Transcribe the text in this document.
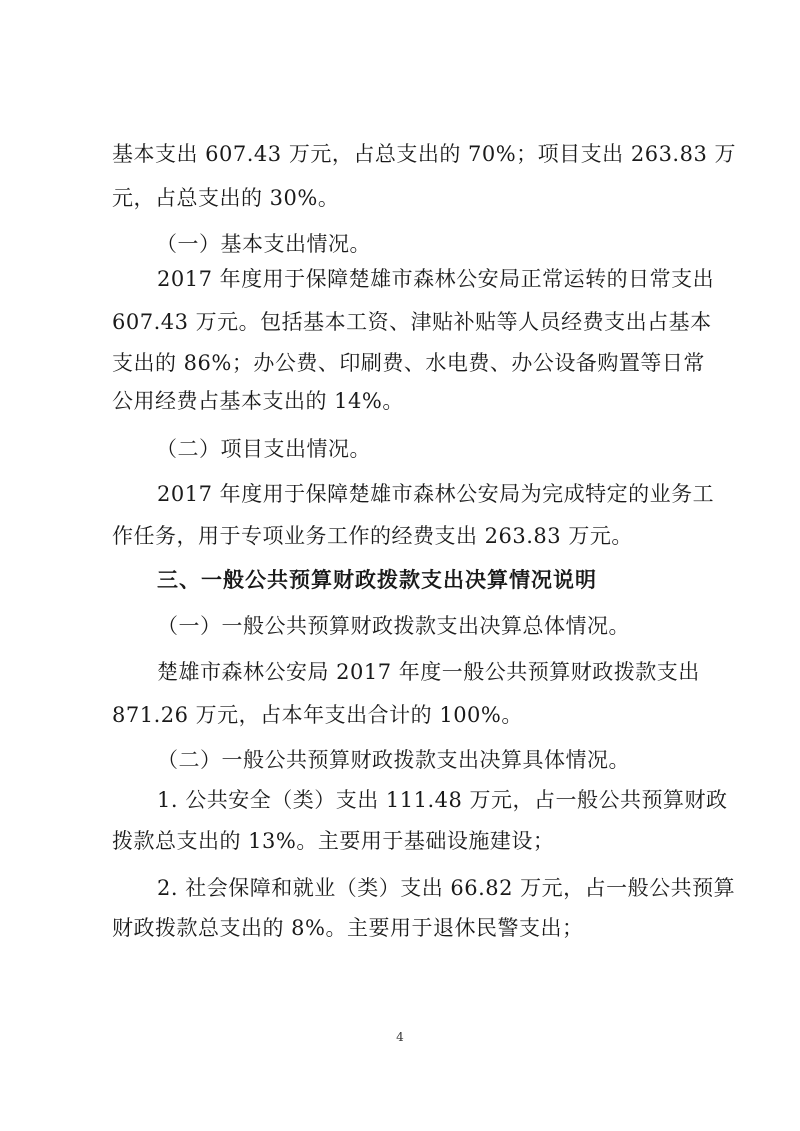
基本支出 607.43 万元，占总支出的 70%；项目支出 263.83 万
元，占总支出的 30%。
（一）基本支出情况。
2017 年度用于保障楚雄市森林公安局正常运转的日常支出
607.43 万元。包括基本工资、津贴补贴等人员经费支出占基本
支出的 86%；办公费、印刷费、水电费、办公设备购置等日常
公用经费占基本支出的 14%。
（二）项目支出情况。
2017 年度用于保障楚雄市森林公安局为完成特定的业务工
作任务，用于专项业务工作的经费支出 263.83 万元。
三、一般公共预算财政拨款支出决算情况说明
（一）一般公共预算财政拨款支出决算总体情况。
楚雄市森林公安局 2017 年度一般公共预算财政拨款支出
871.26 万元，占本年支出合计的 100%。
（二）一般公共预算财政拨款支出决算具体情况。
1. 公共安全（类）支出 111.48 万元，占一般公共预算财政
拨款总支出的 13%。主要用于基础设施建设；
2. 社会保障和就业（类）支出 66.82 万元，占一般公共预算
财政拨款总支出的 8%。主要用于退休民警支出；
4
